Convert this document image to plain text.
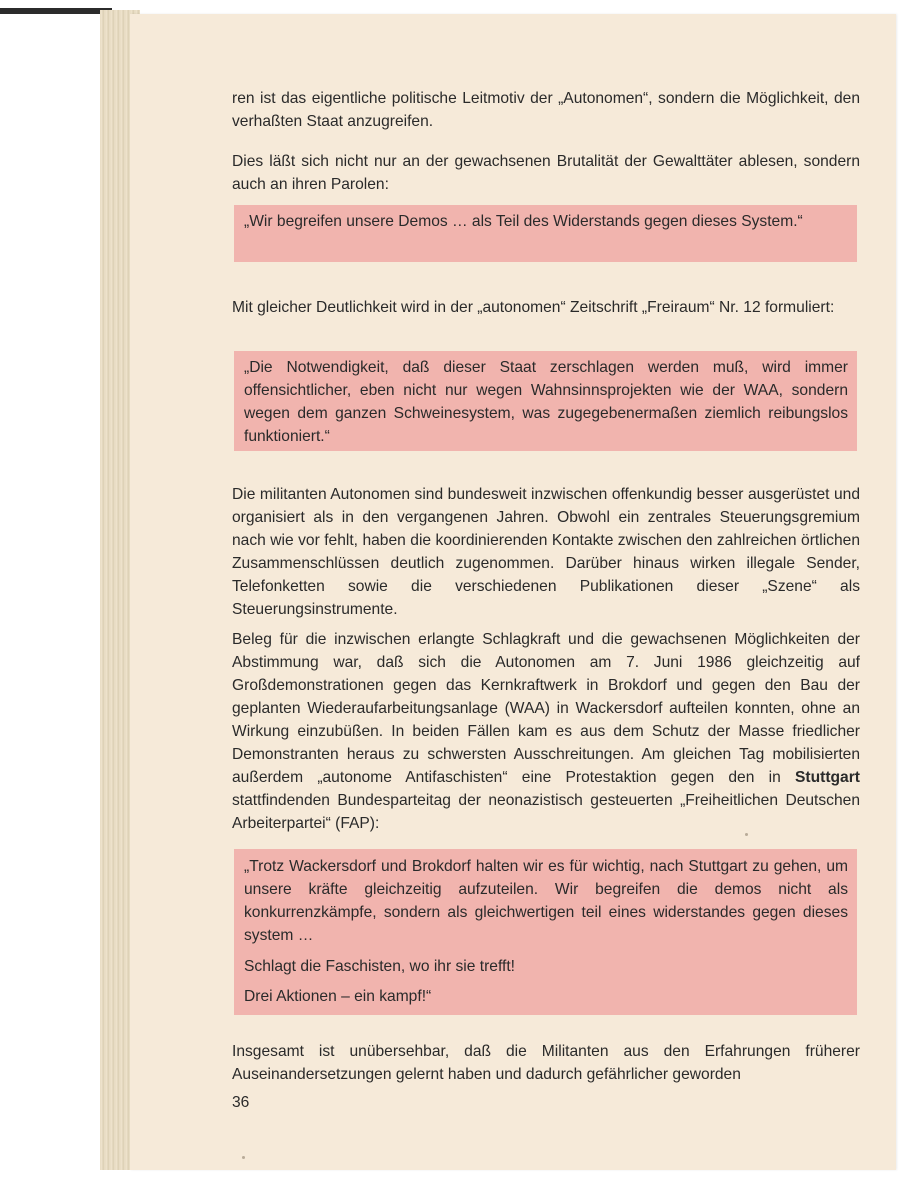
ren ist das eigentliche politische Leitmotiv der „Autonomen“, sondern die Möglichkeit, den verhaßten Staat anzugreifen.

Dies läßt sich nicht nur an der gewachsenen Brutalität der Gewalttäter ablesen, sondern auch an ihren Parolen:

„Wir begreifen unsere Demos … als Teil des Widerstands gegen dieses System.“

Mit gleicher Deutlichkeit wird in der „autonomen“ Zeitschrift „Freiraum“ Nr. 12 formuliert:

„Die Notwendigkeit, daß dieser Staat zerschlagen werden muß, wird immer offensichtlicher, eben nicht nur wegen Wahnsinnsprojekten wie der WAA, sondern wegen dem ganzen Schweinesystem, was zugegebenermaßen ziemlich reibungslos funktioniert.“

Die militanten Autonomen sind bundesweit inzwischen offenkundig besser ausgerüstet und organisiert als in den vergangenen Jahren. Obwohl ein zentrales Steuerungsgremium nach wie vor fehlt, haben die koordinierenden Kontakte zwischen den zahlreichen örtlichen Zusammenschlüssen deutlich zugenommen. Darüber hinaus wirken illegale Sender, Telefonketten sowie die verschiedenen Publikationen dieser „Szene“ als Steuerungsinstrumente.

Beleg für die inzwischen erlangte Schlagkraft und die gewachsenen Möglichkeiten der Abstimmung war, daß sich die Autonomen am 7. Juni 1986 gleichzeitig auf Großdemonstrationen gegen das Kernkraftwerk in Brokdorf und gegen den Bau der geplanten Wiederaufarbeitungsanlage (WAA) in Wackersdorf aufteilen konnten, ohne an Wirkung einzubüßen. In beiden Fällen kam es aus dem Schutz der Masse friedlicher Demonstranten heraus zu schwersten Ausschreitungen. Am gleichen Tag mobilisierten außerdem „autonome Antifaschisten“ eine Protestaktion gegen den in Stuttgart stattfindenden Bundesparteitag der neonazistisch gesteuerten „Freiheitlichen Deutschen Arbeiterpartei“ (FAP):

„Trotz Wackersdorf und Brokdorf halten wir es für wichtig, nach Stuttgart zu gehen, um unsere kräfte gleichzeitig aufzuteilen. Wir begreifen die demos nicht als konkurrenzkämpfe, sondern als gleichwertigen teil eines widerstandes gegen dieses system …

Schlagt die Faschisten, wo ihr sie trefft!

Drei Aktionen – ein kampf!“

Insgesamt ist unübersehbar, daß die Militanten aus den Erfahrungen früherer Auseinandersetzungen gelernt haben und dadurch gefährlicher geworden

36
